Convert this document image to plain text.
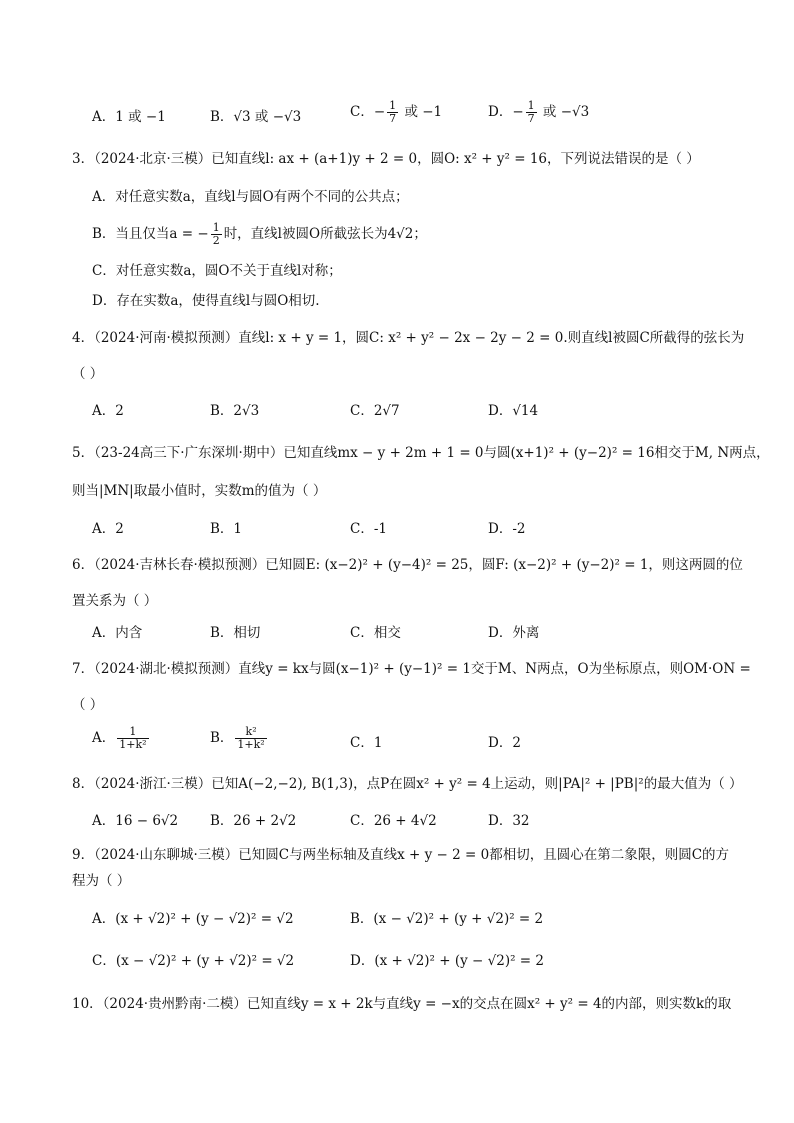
A．1 或 −1	B．√3 或 −√3	C．− $\frac{1}{7}$ 或 −1	D．− $\frac{1}{7}$ 或 −√3
3．（2024·北京·三模）已知直线l: ax + (a+1)y + 2 = 0，圆O: x² + y² = 16，下列说法错误的是（ ）
A．对任意实数a，直线l与圆O有两个不同的公共点；
B．当且仅当a = − $\frac{1}{2}$ 时，直线l被圆O所截弦长为4√2；
C．对任意实数a，圆O不关于直线l对称；
D．存在实数a，使得直线l与圆O相切.
4．（2024·河南·模拟预测）直线l: x + y = 1，圆C: x² + y² − 2x − 2y − 2 = 0.则直线l被圆C所截得的弦长为
（ ）
A．2	B．2√3	C．2√7	D．√14
5．（23-24高三下·广东深圳·期中）已知直线mx − y + 2m + 1 = 0与圆(x+1)² + (y−2)² = 16相交于M, N两点，
则当|MN|取最小值时，实数m的值为（ ）
A．2	B．1	C．-1	D．-2
6．（2024·吉林长春·模拟预测）已知圆E: (x−2)² + (y−4)² = 25，圆F: (x−2)² + (y−2)² = 1，则这两圆的位
置关系为（ ）
A．内含	B．相切	C．相交	D．外离
7．（2024·湖北·模拟预测）直线y = kx与圆(x−1)² + (y−1)² = 1交于M、N两点，O为坐标原点，则OM·ON =
（ ）
A． $\frac{1}{\text{1+k²}}$	B． $\frac{\text{k²}}{\text{1+k²}}$	C．1	D．2
8．（2024·浙江·三模）已知A(−2,−2), B(1,3)，点P在圆x² + y² = 4上运动，则|PA|² + |PB|²的最大值为（ ）
A．16 − 6√2 B．26 + 2√2	C．26 + 4√2	D．32
9．（2024·山东聊城·三模）已知圆C与两坐标轴及直线x + y − 2 = 0都相切，且圆心在第二象限，则圆C的方
程为（ ）
A．(x + √2)² + (y − √2)² = √2	B．(x − √2)² + (y + √2)² = 2
C．(x − √2)² + (y + √2)² = √2	D．(x + √2)² + (y − √2)² = 2
10．（2024·贵州黔南·二模）已知直线y = x + 2k与直线y = −x的交点在圆x² + y² = 4的内部，则实数k的取
